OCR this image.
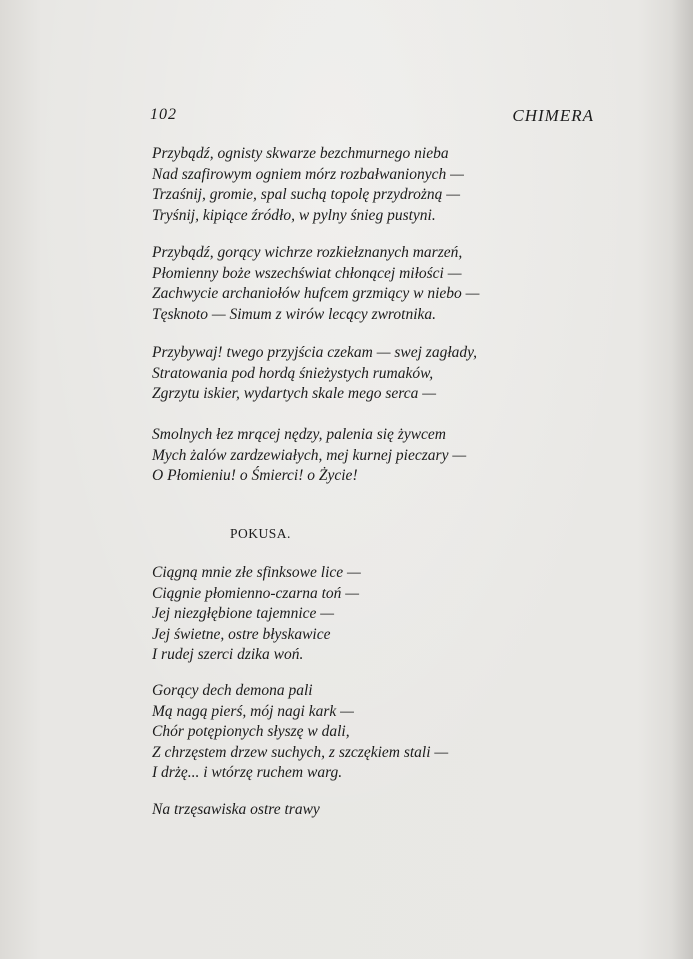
102	CHIMERA
Przybądź, ognisty skwarze bezchmurnego nieba
Nad szafirowym ogniem mórz rozbałwanionych —
Trzaśnij, gromie, spal suchą topolę przydrożną —
Tryśnij, kipiące źródło, w pylny śnieg pustyni.
Przybądź, gorący wichrze rozkiełznanych marzeń,
Płomienny boże wszechświat chłonącej miłości —
Zachwycie archaniołów hufcem grzmiący w niebo —
Tęsknoto — Simum z wirów lecący zwrotnika.
Przybywaj! twego przyjścia czekam — swej zagłady,
Stratowania pod hordą śnieżystych rumaków,
Zgrzytu iskier, wydartych skale mego serca —
Smolnych łez mrącej nędzy, palenia się żywcem
Mych żalów zardzewiałych, mej kurnej pieczary —
O Płomieniu! o Śmierci! o Życie!
POKUSA.
Ciągną mnie złe sfinksowe lice —
Ciągnie płomienno-czarna toń —
Jej niezgłębione tajemnice —
Jej świetne, ostre błyskawice
I rudej szerci dzika woń.
Gorący dech demona pali
Mą nagą pierś, mój nagi kark —
Chór potępionych słyszę w dali,
Z chrzęstem drzew suchych, z szczękiem stali —
I drżę... i wtórzę ruchem warg.
Na trzęsawiska ostre trawy
